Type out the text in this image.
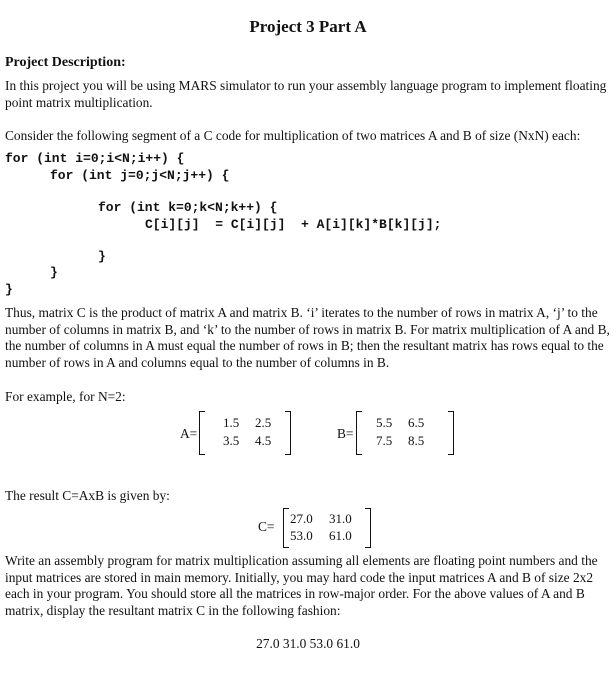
Project 3 Part A
Project Description:
In this project you will be using MARS simulator to run your assembly language program to implement floating point matrix multiplication.
Consider the following segment of a C code for multiplication of two matrices A and B of size (NxN) each:
for (int i=0;i<N;i++) {
for (int j=0;j<N;j++) {
for (int k=0;k<N;k++) {
C[i][j]  = C[i][j]  + A[i][k]*B[k][j];
}
}
}
Thus, matrix C is the product of matrix A and matrix B. ‘i’ iterates to the number of rows in matrix A, ‘j’ to the number of columns in matrix B, and ‘k’ to the number of rows in matrix B. For matrix multiplication of A and B, the number of columns in A must equal the number of rows in B; then the resultant matrix has rows equal to the number of rows in A and columns equal to the number of columns in B.
For example, for N=2:
A=
1.5 2.5
3.5 4.5	B=
5.5 6.5
7.5 8.5
The result C=AxB is given by:
C=
27.0 31.0
53.0 61.0
Write an assembly program for matrix multiplication assuming all elements are floating point numbers and the input matrices are stored in main memory. Initially, you may hard code the input matrices A and B of size 2x2 each in your program. You should store all the matrices in row-major order. For the above values of A and B matrix, display the resultant matrix C in the following fashion:
27.0 31.0 53.0 61.0
